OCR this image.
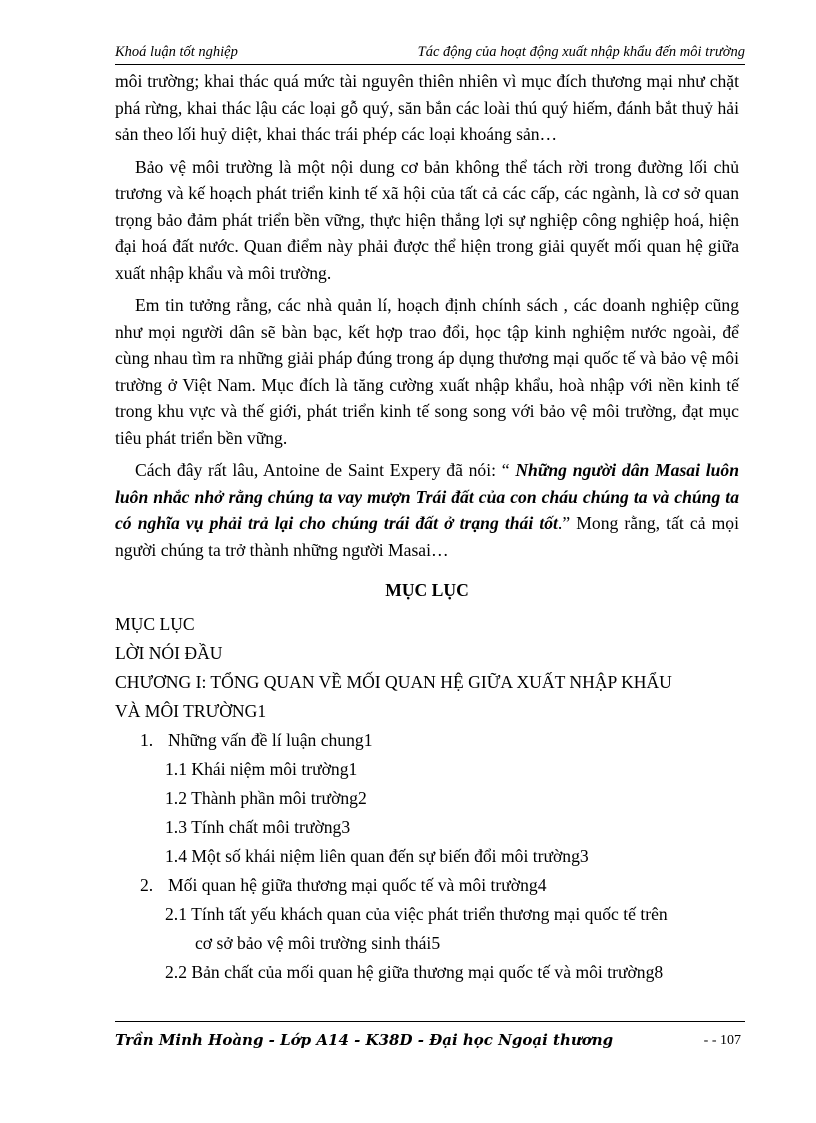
Khoá luận tốt nghiệp	Tác động của hoạt động xuất nhập khẩu đến môi trường

môi trường; khai thác quá mức tài nguyên thiên nhiên vì mục đích thương mại như chặt phá rừng, khai thác lậu các loại gỗ quý, săn bắn các loài thú quý hiếm, đánh bắt thuỷ hải sản theo lối huỷ diệt, khai thác trái phép các loại khoáng sản…

Bảo vệ môi trường là một nội dung cơ bản không thể tách rời trong đường lối chủ trương và kế hoạch phát triển kinh tế xã hội của tất cả các cấp, các ngành, là cơ sở quan trọng bảo đảm phát triển bền vững, thực hiện thắng lợi sự nghiệp công nghiệp hoá, hiện đại hoá đất nước. Quan điểm này phải được thể hiện trong giải quyết mối quan hệ giữa xuất nhập khẩu và môi trường.

Em tin tưởng rằng, các nhà quản lí, hoạch định chính sách , các doanh nghiệp cũng như mọi người dân sẽ bàn bạc, kết hợp trao đổi, học tập kinh nghiệm nước ngoài, để cùng nhau tìm ra những giải pháp đúng trong áp dụng thương mại quốc tế và bảo vệ môi trường ở Việt Nam. Mục đích là tăng cường xuất nhập khẩu, hoà nhập với nền kinh tế trong khu vực và thế giới, phát triển kinh tế song song với bảo vệ môi trường, đạt mục tiêu phát triển bền vững.

Cách đây rất lâu, Antoine de Saint Expery đã nói: “ Những người dân Masai luôn luôn nhắc nhở rằng chúng ta vay mượn Trái đất của con cháu chúng ta và chúng ta có nghĩa vụ phải trả lại cho chúng trái đất ở trạng thái tốt.” Mong rằng, tất cả mọi người chúng ta trở thành những người Masai…

MỤC LỤC
MỤC LỤC
LỜI NÓI ĐẦU
CHƯƠNG I: TỔNG QUAN VỀ MỐI QUAN HỆ GIỮA XUẤT NHẬP KHẨU
VÀ MÔI TRƯỜNG1
1. Những vấn đề lí luận chung1
1.1 Khái niệm môi trường1
1.2 Thành phần môi trường2
1.3 Tính chất môi trường3
1.4 Một số khái niệm liên quan đến sự biến đổi môi trường3
2. Mối quan hệ giữa thương mại quốc tế và môi trường4
2.1 Tính tất yếu khách quan của việc phát triển thương mại quốc tế trên
cơ sở bảo vệ môi trường sinh thái5
2.2 Bản chất của mối quan hệ giữa thương mại quốc tế và môi trường8
Trần Minh Hoàng - Lớp A14 - K38D - Đại học Ngoại thương	- - 107
